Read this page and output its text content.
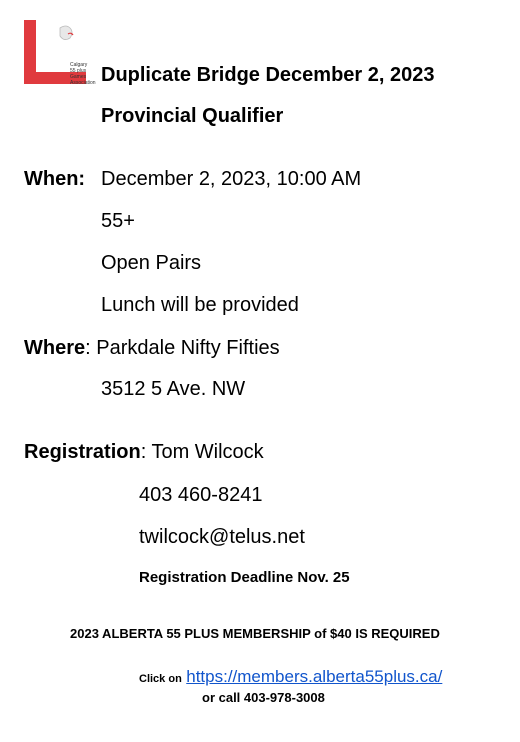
Calgary
55 plus Games
Association Duplicate Bridge December 2, 2023
Provincial Qualifier
When: December 2, 2023, 10:00 AM
55+
Open Pairs
Lunch will be provided
Where: Parkdale Nifty Fifties
3512 5 Ave. NW
Registration: Tom Wilcock
403 460-8241
twilcock@telus.net
Registration Deadline Nov. 25
2023 ALBERTA 55 PLUS MEMBERSHIP of $40 IS REQUIRED
Click on https://members.alberta55plus.ca/
or call 403-978-3008
